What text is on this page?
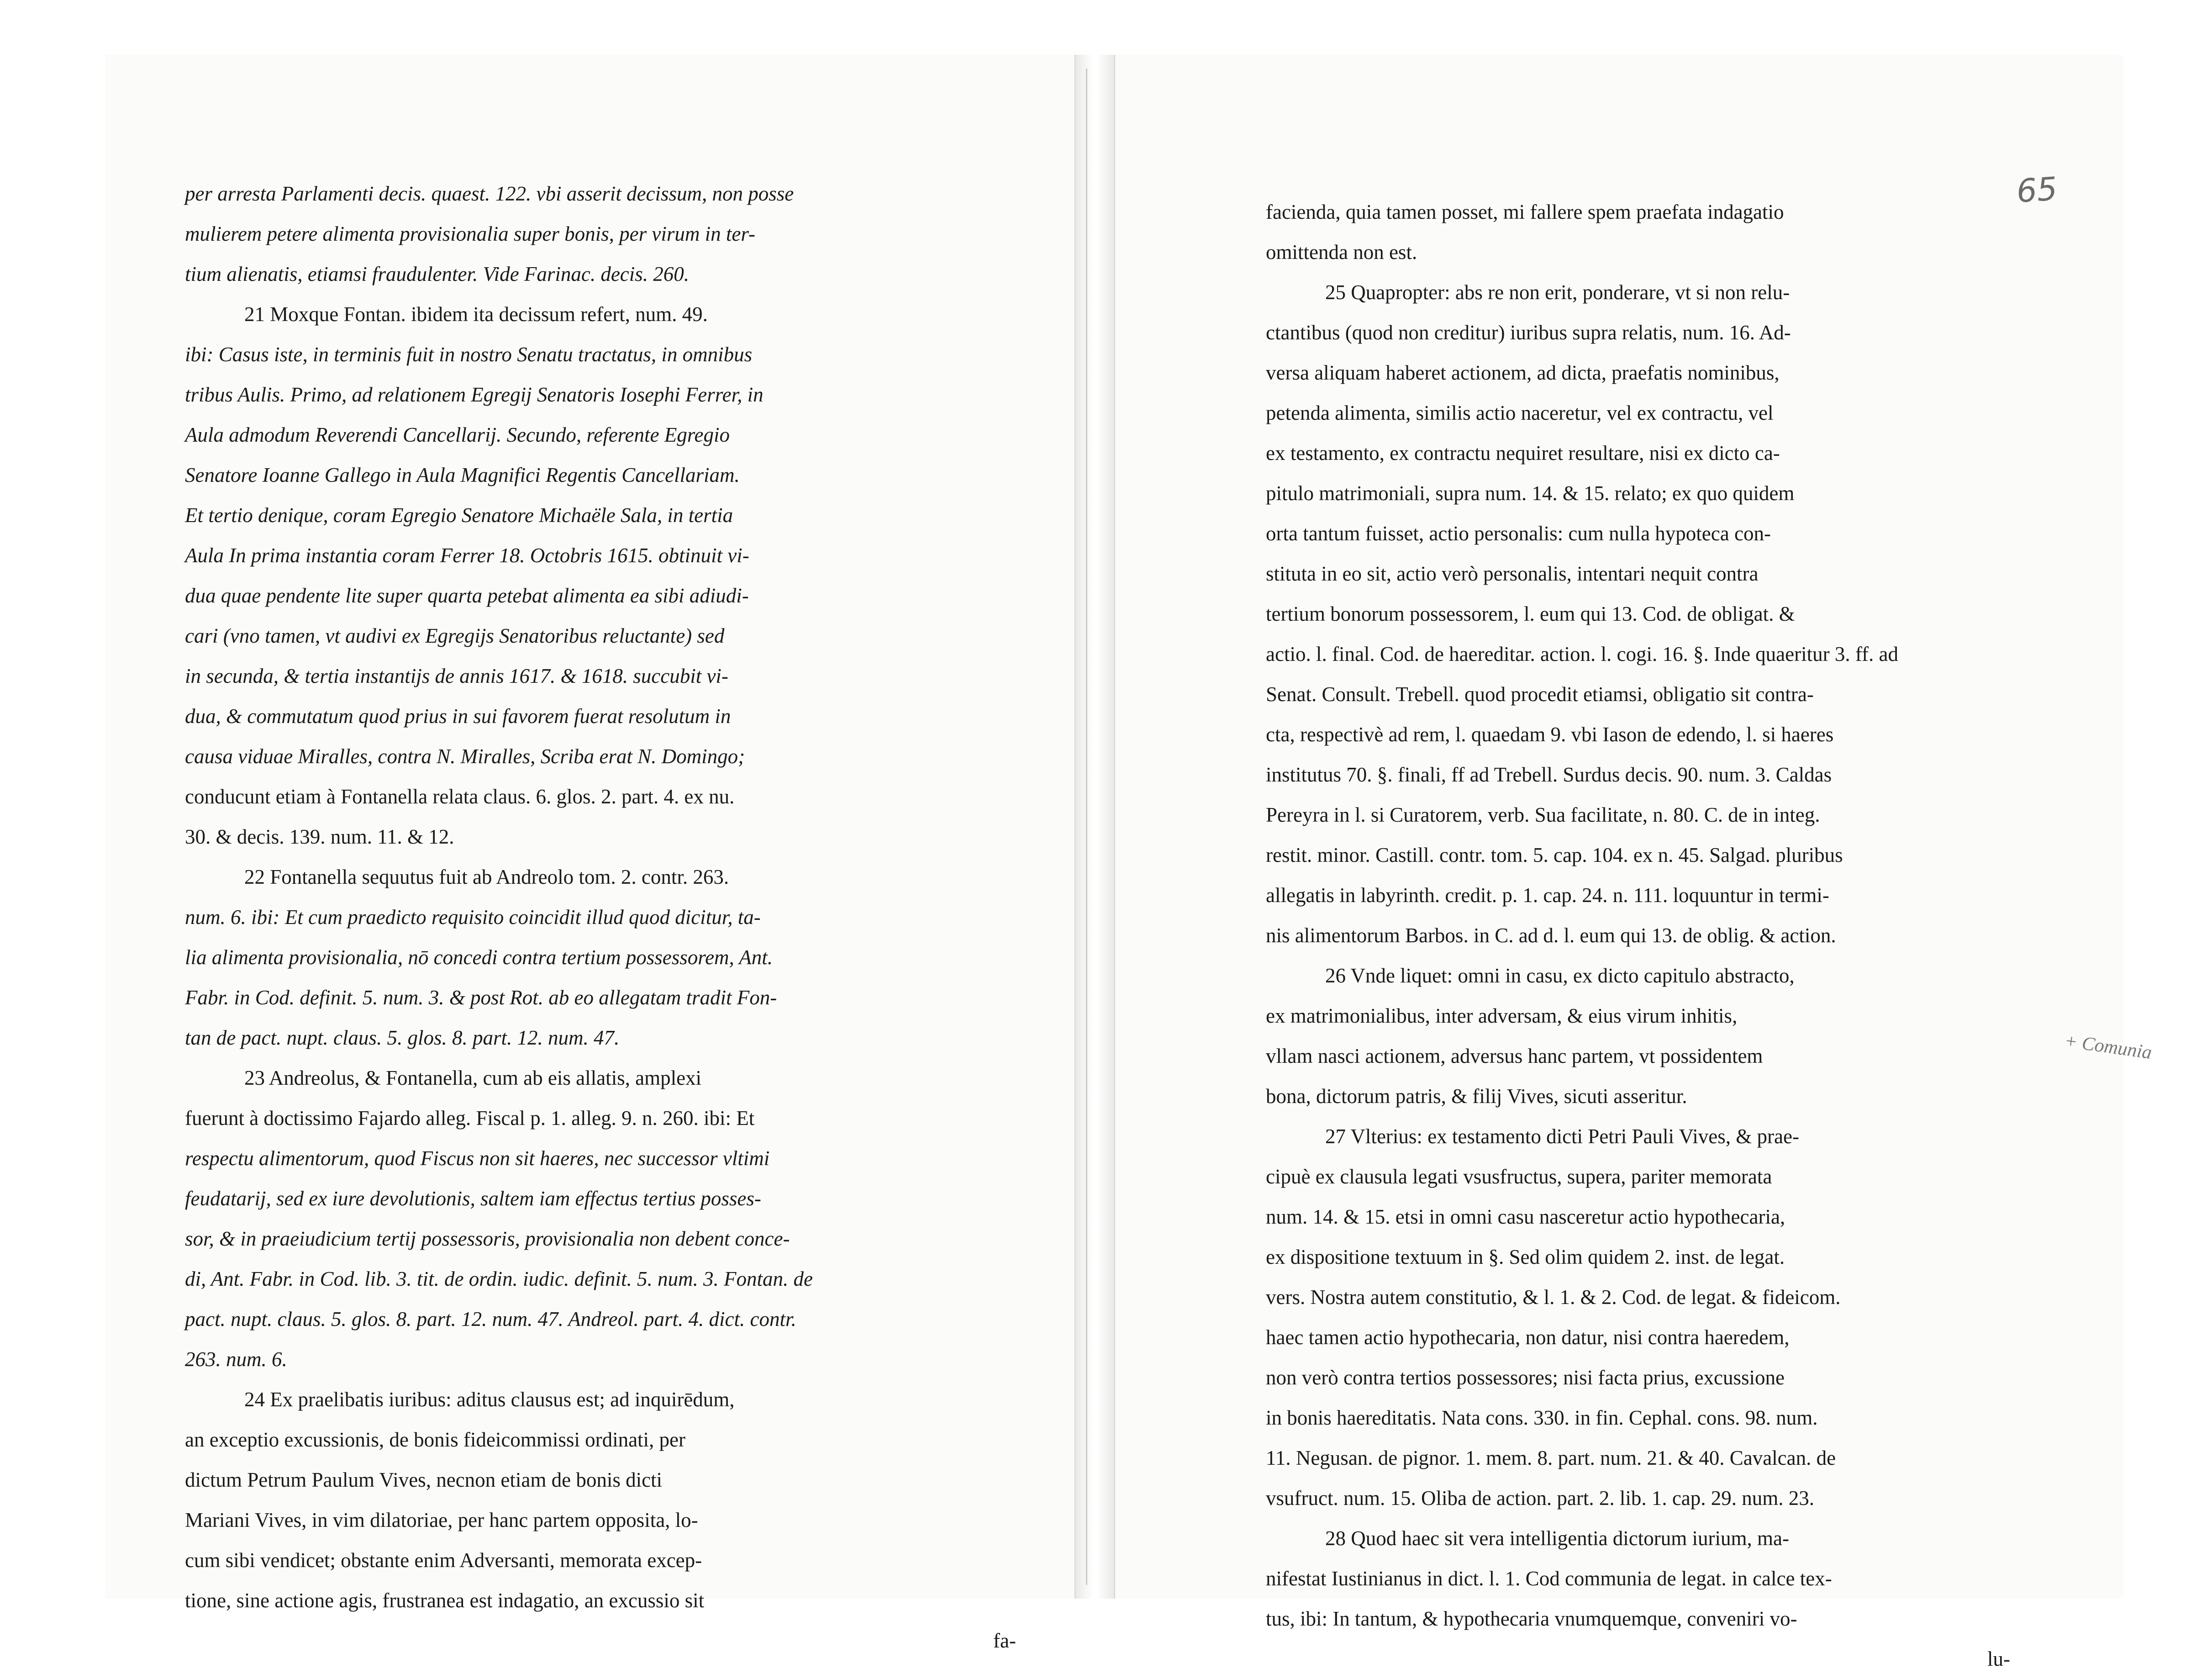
per arresta Parlamenti decis. quaest. 122. vbi asserit decissum, non posse
mulierem petere alimenta provisionalia super bonis, per virum in ter-
tium alienatis, etiamsi fraudulenter. Vide Farinac. decis. 260.
21 Moxque Fontan. ibidem ita decissum refert, num. 49.
ibi: Casus iste, in terminis fuit in nostro Senatu tractatus, in omnibus
tribus Aulis. Primo, ad relationem Egregij Senatoris Iosephi Ferrer, in
Aula admodum Reverendi Cancellarij. Secundo, referente Egregio
Senatore Ioanne Gallego in Aula Magnifici Regentis Cancellariam.
Et tertio denique, coram Egregio Senatore Michaële Sala, in tertia
Aula In prima instantia coram Ferrer 18. Octobris 1615. obtinuit vi-
dua quae pendente lite super quarta petebat alimenta ea sibi adiudi-
cari (vno tamen, vt audivi ex Egregijs Senatoribus reluctante) sed
in secunda, & tertia instantijs de annis 1617. & 1618. succubit vi-
dua, & commutatum quod prius in sui favorem fuerat resolutum in
causa viduae Miralles, contra N. Miralles, Scriba erat N. Domingo;
conducunt etiam à Fontanella relata claus. 6. glos. 2. part. 4. ex nu.
30. & decis. 139. num. 11. & 12.
22 Fontanella sequutus fuit ab Andreolo tom. 2. contr. 263.
num. 6. ibi: Et cum praedicto requisito coincidit illud quod dicitur, ta-
lia alimenta provisionalia, nō concedi contra tertium possessorem, Ant.
Fabr. in Cod. definit. 5. num. 3. & post Rot. ab eo allegatam tradit Fon-
tan de pact. nupt. claus. 5. glos. 8. part. 12. num. 47.
23 Andreolus, & Fontanella, cum ab eis allatis, amplexi
fuerunt à doctissimo Fajardo alleg. Fiscal p. 1. alleg. 9. n. 260. ibi: Et
respectu alimentorum, quod Fiscus non sit haeres, nec successor vltimi
feudatarij, sed ex iure devolutionis, saltem iam effectus tertius posses-
sor, & in praeiudicium tertij possessoris, provisionalia non debent conce-
di, Ant. Fabr. in Cod. lib. 3. tit. de ordin. iudic. definit. 5. num. 3. Fontan. de
pact. nupt. claus. 5. glos. 8. part. 12. num. 47. Andreol. part. 4. dict. contr.
263. num. 6.
24 Ex praelibatis iuribus: aditus clausus est; ad inquirēdum,
an exceptio excussionis, de bonis fideicommissi ordinati, per
dictum Petrum Paulum Vives, necnon etiam de bonis dicti
Mariani Vives, in vim dilatoriae, per hanc partem opposita, lo-
cum sibi vendicet; obstante enim Adversanti, memorata excep-
tione, sine actione agis, frustranea est indagatio, an excussio sit
fa-
65
facienda, quia tamen posset, mi fallere spem praefata indagatio
omittenda non est.
25 Quapropter: abs re non erit, ponderare, vt si non relu-
ctantibus (quod non creditur) iuribus supra relatis, num. 16. Ad-
versa aliquam haberet actionem, ad dicta, praefatis nominibus,
petenda alimenta, similis actio naceretur, vel ex contractu, vel
ex testamento, ex contractu nequiret resultare, nisi ex dicto ca-
pitulo matrimoniali, supra num. 14. & 15. relato; ex quo quidem
orta tantum fuisset, actio personalis: cum nulla hypoteca con-
stituta in eo sit, actio verò personalis, intentari nequit contra
tertium bonorum possessorem, l. eum qui 13. Cod. de obligat. &
actio. l. final. Cod. de haereditar. action. l. cogi. 16. §. Inde quaeritur 3. ff. ad
Senat. Consult. Trebell. quod procedit etiamsi, obligatio sit contra-
cta, respectivè ad rem, l. quaedam 9. vbi Iason de edendo, l. si haeres
institutus 70. §. finali, ff ad Trebell. Surdus decis. 90. num. 3. Caldas
Pereyra in l. si Curatorem, verb. Sua facilitate, n. 80. C. de in integ.
restit. minor. Castill. contr. tom. 5. cap. 104. ex n. 45. Salgad. pluribus
allegatis in labyrinth. credit. p. 1. cap. 24. n. 111. loquuntur in termi-
nis alimentorum Barbos. in C. ad d. l. eum qui 13. de oblig. & action.
26 Vnde liquet: omni in casu, ex dicto capitulo abstracto,
ex matrimonialibus, inter adversam, & eius virum inhitis,
vllam nasci actionem, adversus hanc partem, vt possidentem
bona, dictorum patris, & filij Vives, sicuti asseritur.
27 Vlterius: ex testamento dicti Petri Pauli Vives, & prae-
cipuè ex clausula legati vsusfructus, supera, pariter memorata
num. 14. & 15. etsi in omni casu nasceretur actio hypothecaria,
ex dispositione textuum in §. Sed olim quidem 2. inst. de legat.
vers. Nostra autem constitutio, & l. 1. & 2. Cod. de legat. & fideicom.
haec tamen actio hypothecaria, non datur, nisi contra haeredem,
non verò contra tertios possessores; nisi facta prius, excussione
in bonis haereditatis. Nata cons. 330. in fin. Cephal. cons. 98. num.
11. Negusan. de pignor. 1. mem. 8. part. num. 21. & 40. Cavalcan. de
vsufruct. num. 15. Oliba de action. part. 2. lib. 1. cap. 29. num. 23.
28 Quod haec sit vera intelligentia dictorum iurium, ma-
nifestat Iustinianus in dict. l. 1. Cod communia de legat. in calce tex-
tus, ibi: In tantum, & hypothecaria vnumquemque, conveniri vo-
lu-
+ Comunia
